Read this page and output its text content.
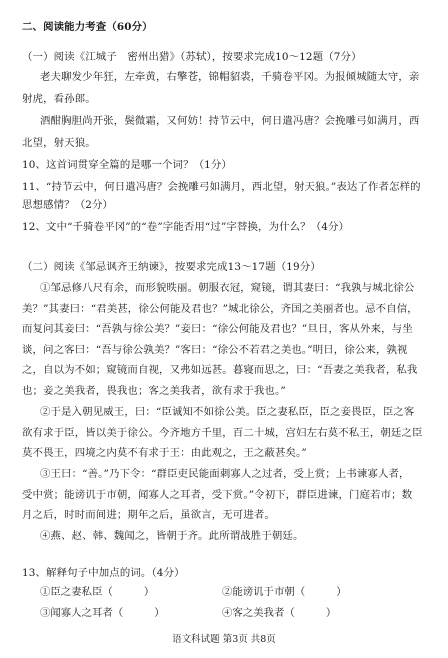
二、阅读能力考查（60分）
（一）阅读《江城子　密州出猎》（苏轼），按要求完成10～12题（7分）
老夫聊发少年狂，左牵黄，右擎苍，锦帽貂裘，千骑卷平冈。为报倾城随太守，亲
射虎，看孙郎。
酒酣胸胆尚开张，鬓微霜，又何妨！持节云中，何日遣冯唐？会挽雕弓如满月，西
北望，射天狼。
10、这首词贯穿全篇的是哪一个词？（1分）
11、“持节云中，何日遣冯唐？会挽雕弓如满月，西北望，射天狼。”表达了作者怎样的
思想感情？（2分）
12、文中“千骑卷平冈”的“卷”字能否用“过”字替换，为什么？（4分）
（二）阅读《邹忌讽齐王纳谏》，按要求完成13～17题（19分）
①邹忌修八尺有余，而形貌昳丽。朝服衣冠，窥镜，谓其妻曰：“我孰与城北徐公
美？”其妻曰：“君美甚，徐公何能及君也？”城北徐公，齐国之美丽者也。忌不自信，
而复问其妾曰：“吾孰与徐公美？”妾曰：“徐公何能及君也？”旦日，客从外来，与坐
谈，问之客曰：“吾与徐公孰美？”客曰：“徐公不若君之美也。”明日，徐公来，孰视
之，自以为不如；窥镜而自视，又弗如远甚。暮寝而思之，曰：“吾妻之美我者，私我
也；妾之美我者，畏我也；客之美我者，欲有求于我也。”
②于是入朝见威王，曰：“臣诚知不如徐公美。臣之妻私臣，臣之妾畏臣，臣之客
欲有求于臣，皆以美于徐公。今齐地方千里，百二十城，宫妇左右莫不私王，朝廷之臣
莫不畏王，四境之内莫不有求于王：由此观之，王之蔽甚矣。”
③王曰：“善。”乃下令：“群臣吏民能面刺寡人之过者，受上赏；上书谏寡人者，
受中赏；能谤讥于市朝，闻寡人之耳者，受下赏。”令初下，群臣进谏，门庭若市；数
月之后，时时而间进；期年之后，虽欲言，无可进者。
④燕、赵、韩、魏闻之，皆朝于齐。此所谓战胜于朝廷。
13、解释句子中加点的词。（4分）
①臣之妻私臣（　　　）	②能谤讥于市朝（　　　）
③闻寡人之耳者（　　　）	④客之美我者（　　　）
语文科试题 第3页 共8页
